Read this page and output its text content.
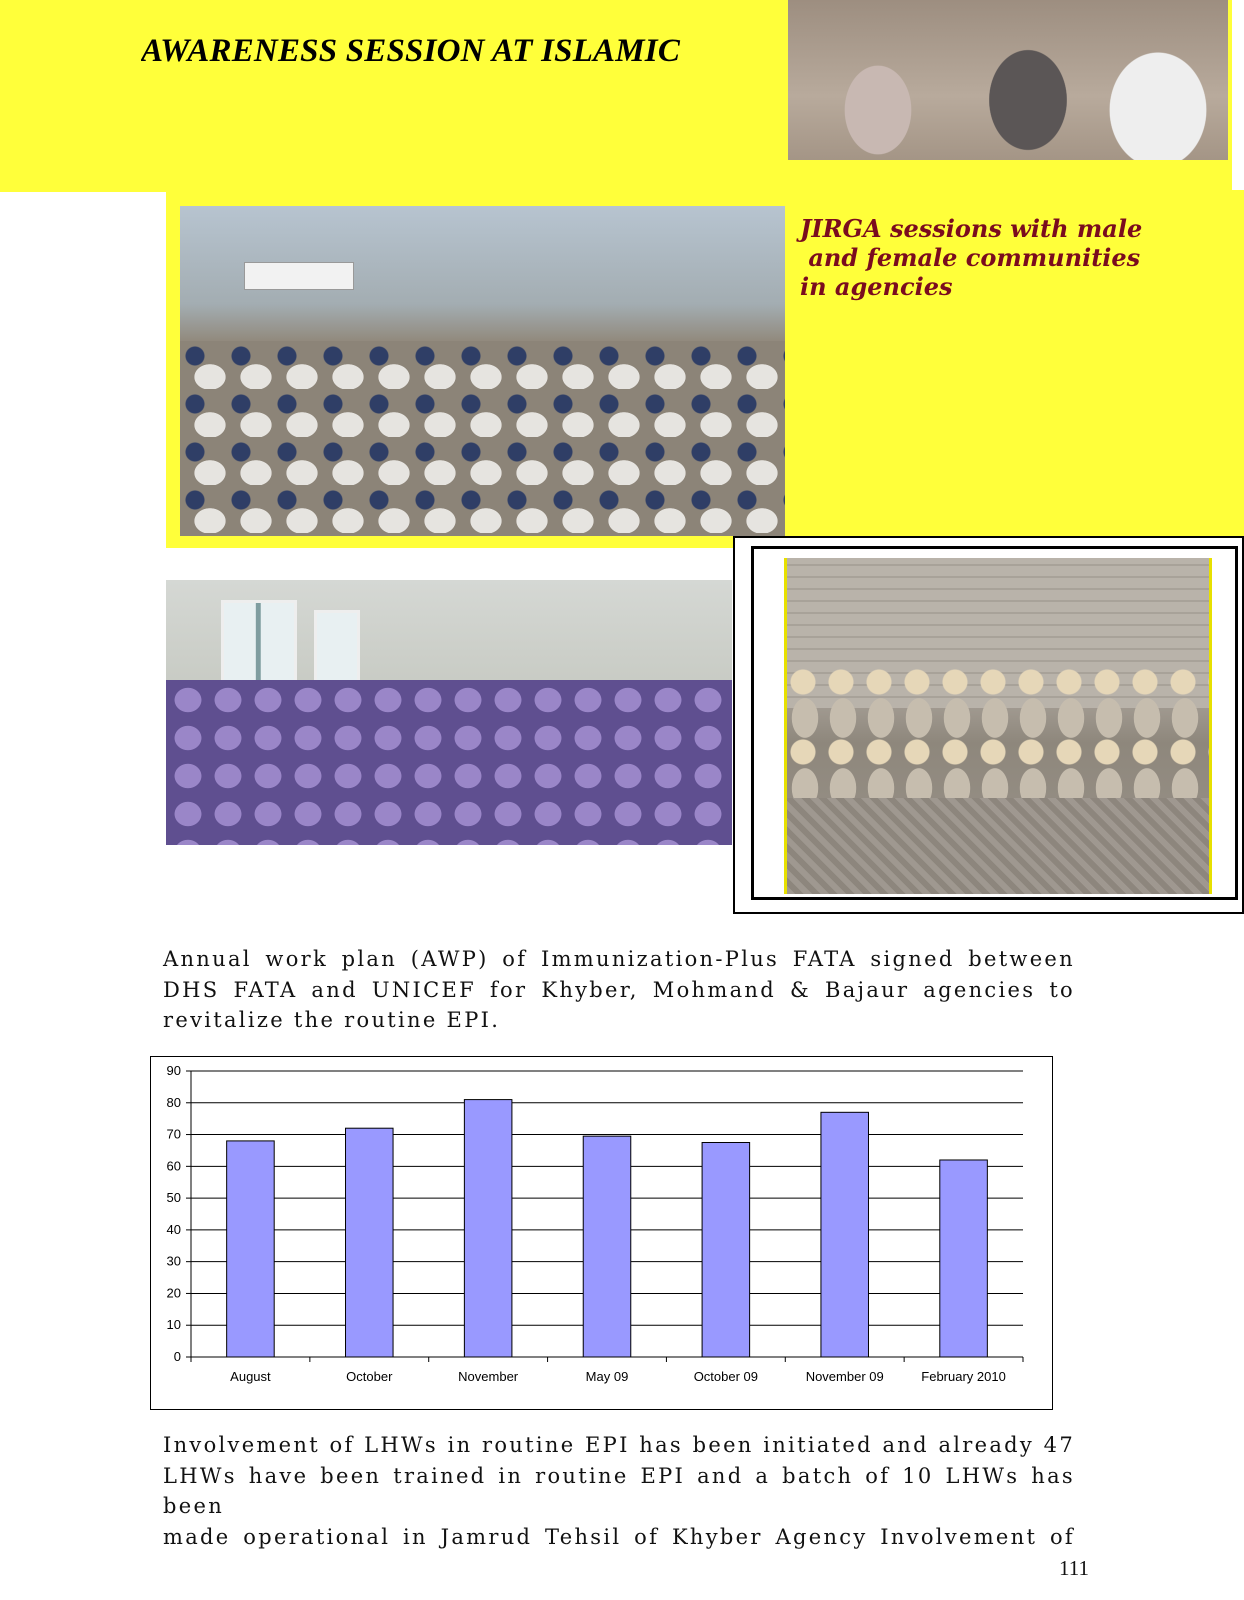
AWARENESS SESSION AT ISLAMIC
JIRGA sessions with male
and female communities
in agencies
Annual work plan (AWP) of Immunization-Plus FATA signed between
DHS FATA and UNICEF for Khyber, Mohmand & Bajaur agencies to
revitalize the routine EPI.
0
10
20
30
40
50
60
70
80
90
August	October	November	May 09	October 09	November 09	February 2010
Involvement of LHWs in routine EPI has been initiated and already 47
LHWs have been trained in routine EPI and a batch of 10 LHWs has been
made operational in Jamrud Tehsil of Khyber Agency Involvement of
111
